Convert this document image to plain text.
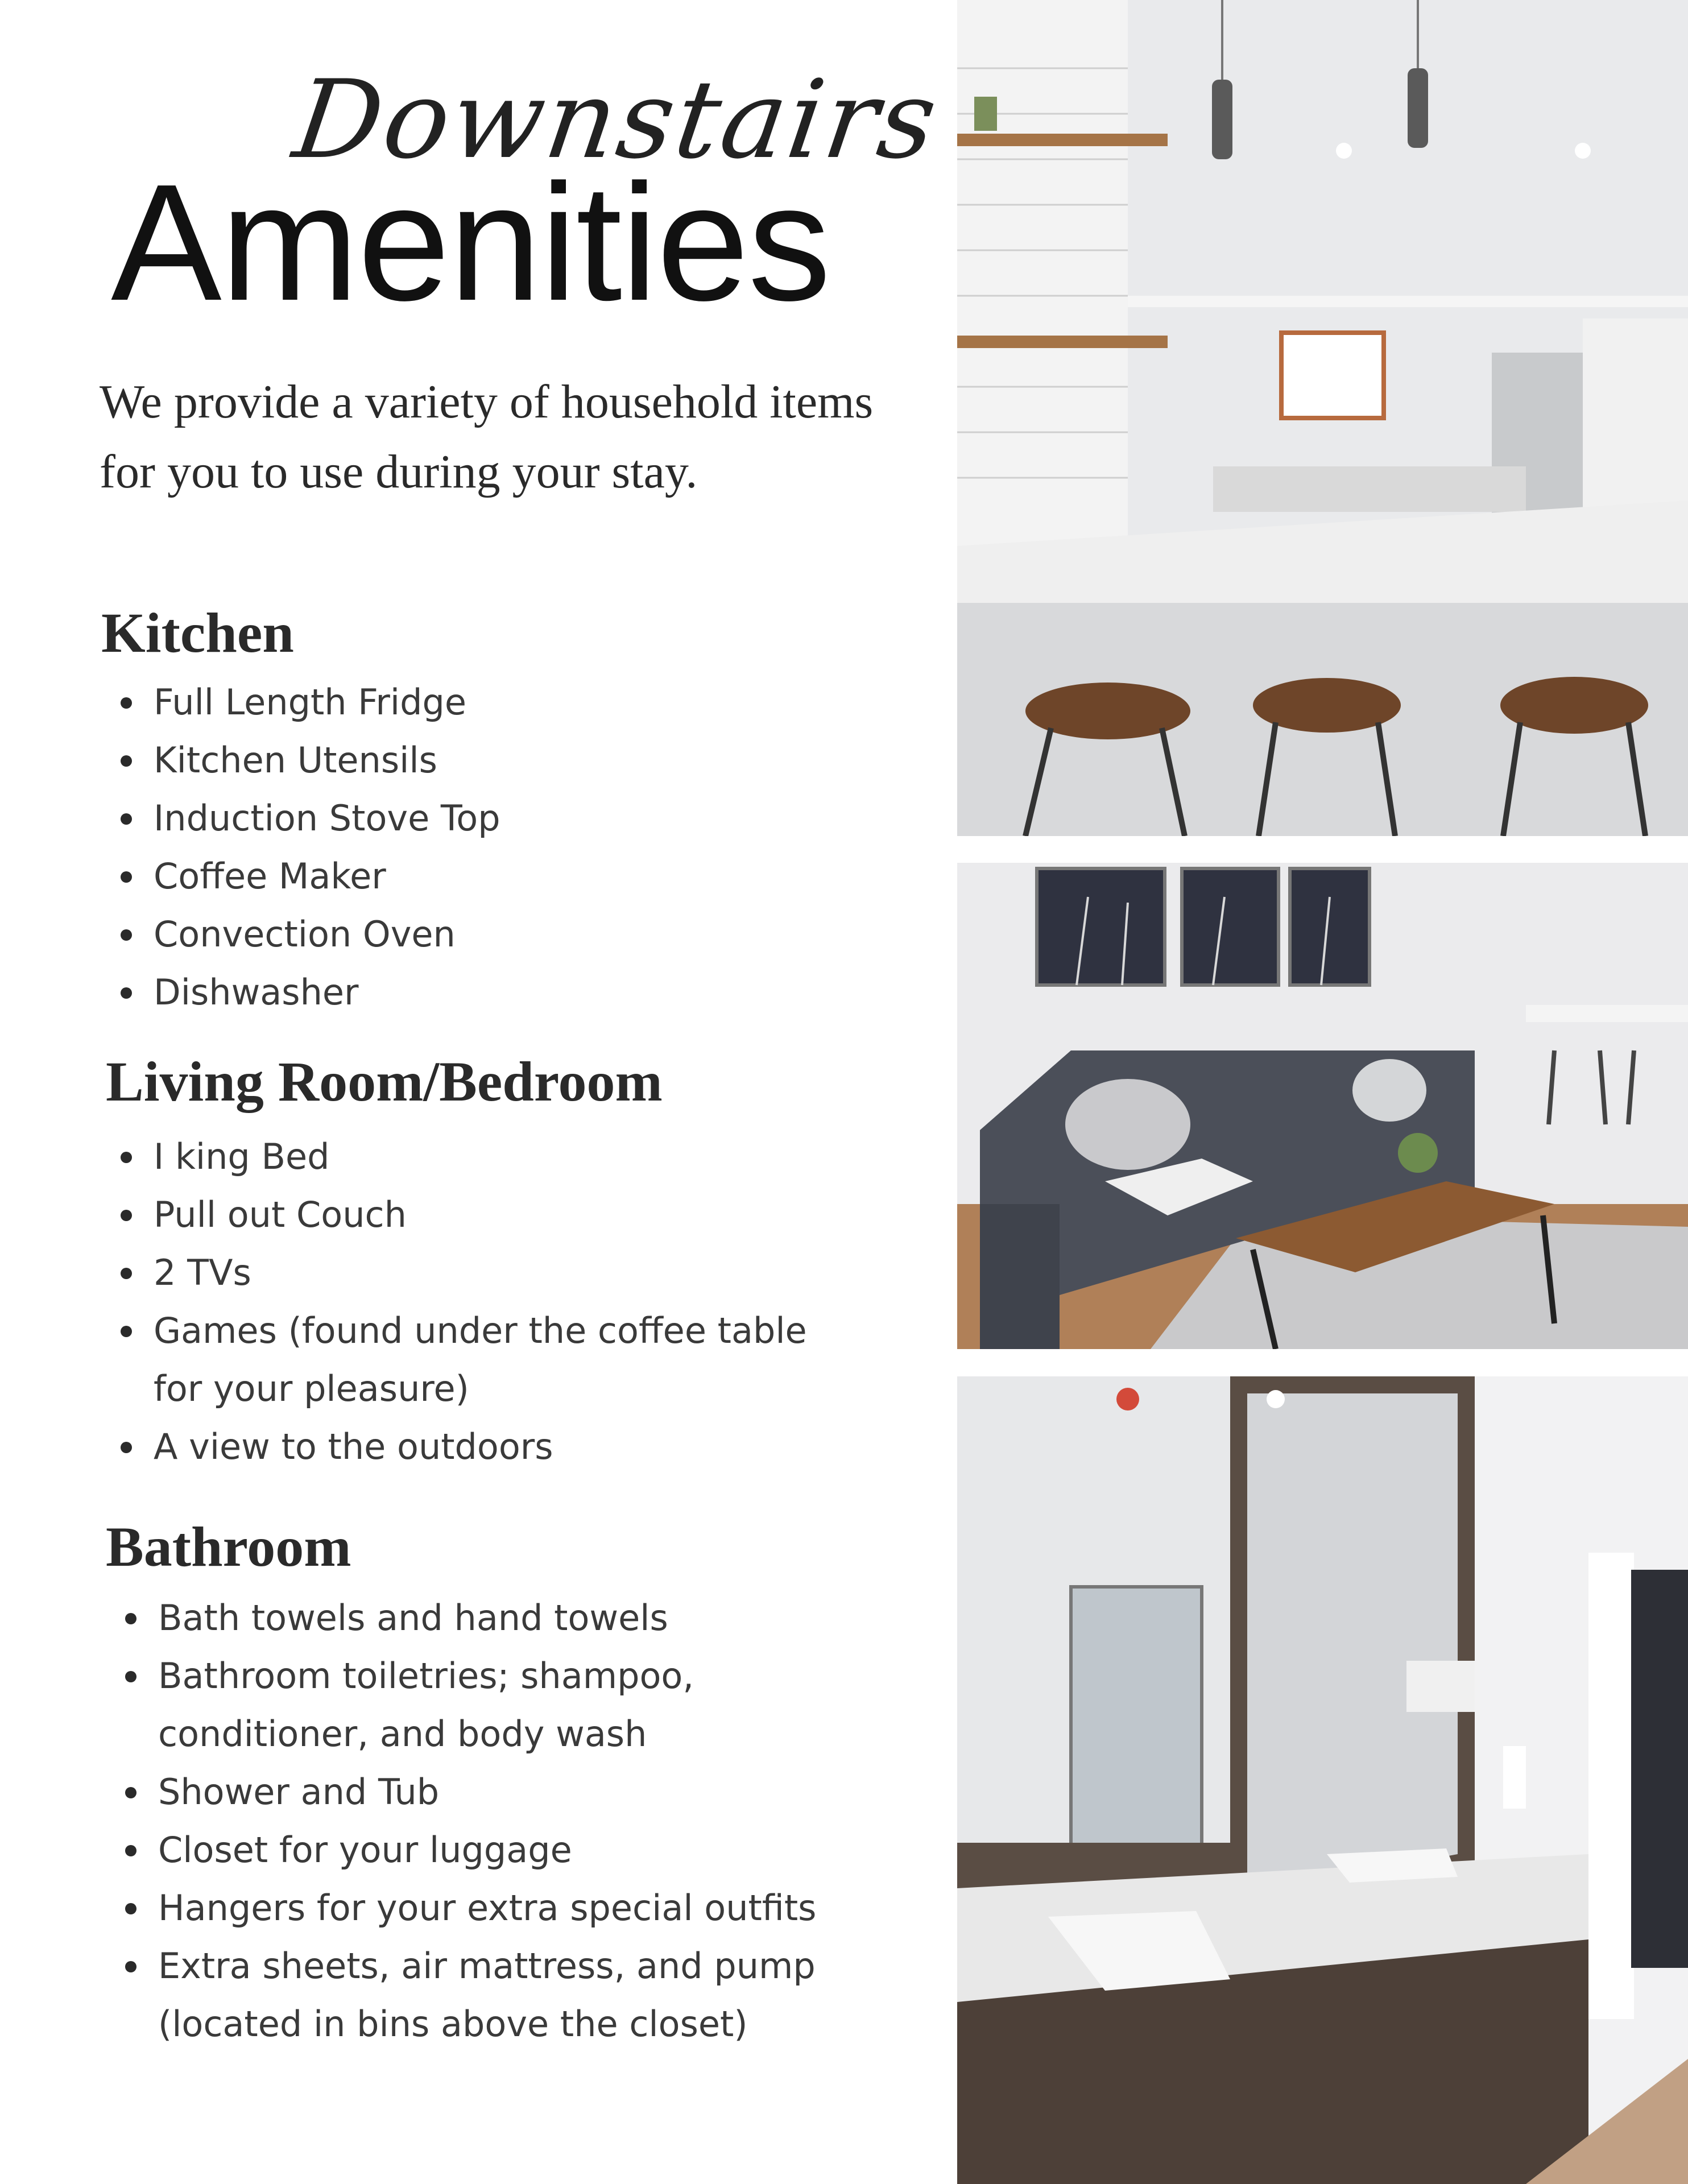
Downstairs
Amenities

We provide a variety of household items for you to use during your stay.

Kitchen
Full Length Fridge
Kitchen Utensils
Induction Stove Top
Coffee Maker
Convection Oven
Dishwasher
Living Room/Bedroom
I king Bed
Pull out Couch
2 TVs
Games (found under the coffee table for your pleasure)
A view to the outdoors
Bathroom
Bath towels and hand towels
Bathroom toiletries; shampoo, conditioner, and body wash
Shower and Tub
Closet for your luggage
Hangers for your extra special outfits
Extra sheets, air mattress, and pump (located in bins above the closet)
